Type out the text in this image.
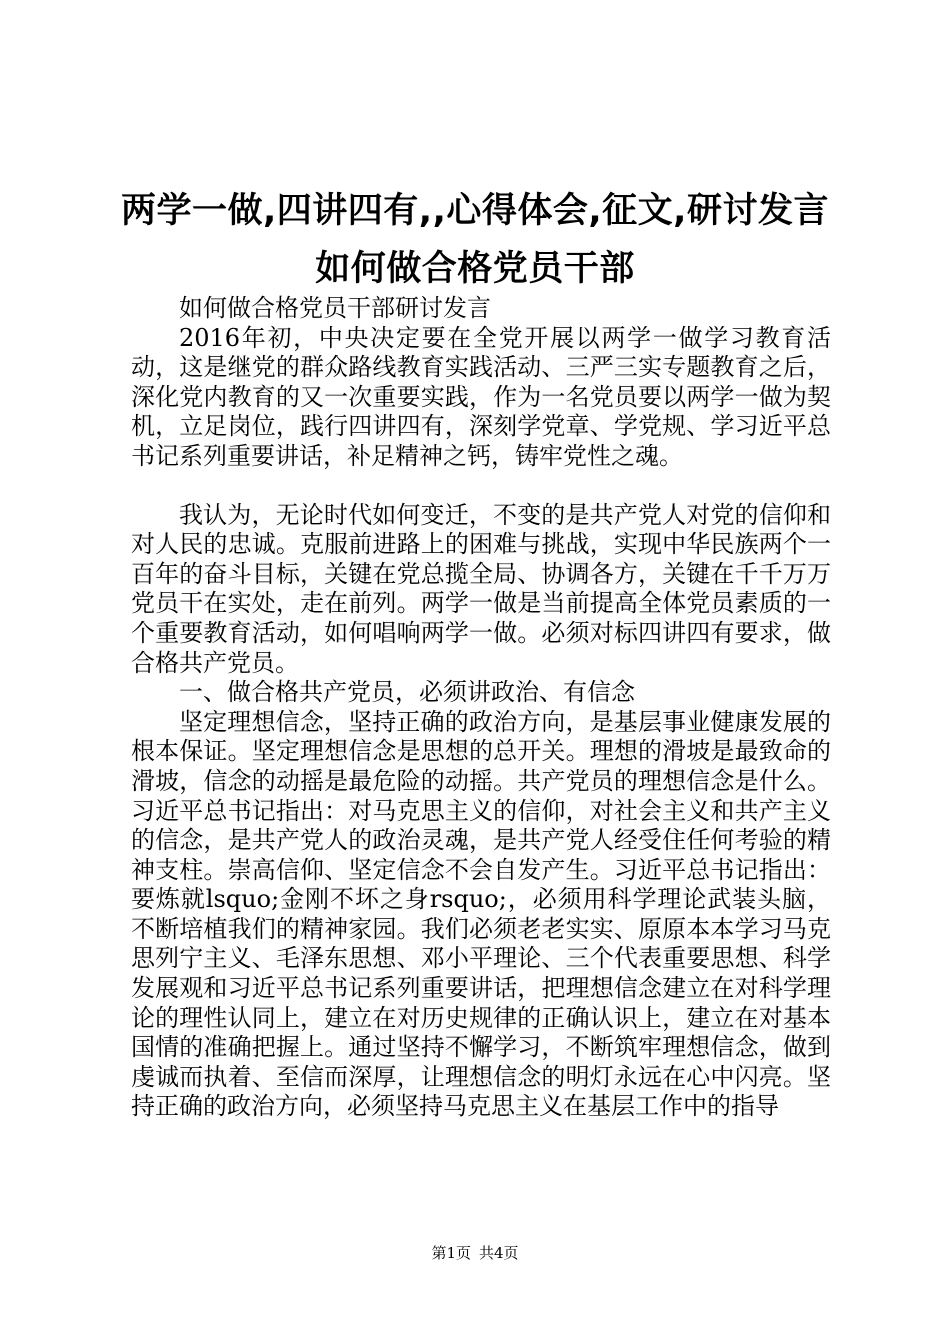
两学一做,四讲四有,,心得体会,征文,研讨发言如何做合格党员干部

如何做合格党员干部研讨发言

2016年初，中央决定要在全党开展以两学一做学习教育活动，这是继党的群众路线教育实践活动、三严三实专题教育之后，深化党内教育的又一次重要实践，作为一名党员要以两学一做为契机，立足岗位，践行四讲四有，深刻学党章、学党规、学习近平总书记系列重要讲话，补足精神之钙，铸牢党性之魂。

我认为，无论时代如何变迁，不变的是共产党人对党的信仰和对人民的忠诚。克服前进路上的困难与挑战，实现中华民族两个一百年的奋斗目标，关键在党总揽全局、协调各方，关键在千千万万党员干在实处，走在前列。两学一做是当前提高全体党员素质的一个重要教育活动，如何唱响两学一做。必须对标四讲四有要求，做合格共产党员。

一、做合格共产党员，必须讲政治、有信念

坚定理想信念，坚持正确的政治方向，是基层事业健康发展的根本保证。坚定理想信念是思想的总开关。理想的滑坡是最致命的滑坡，信念的动摇是最危险的动摇。共产党员的理想信念是什么。习近平总书记指出：对马克思主义的信仰，对社会主义和共产主义的信念，是共产党人的政治灵魂，是共产党人经受住任何考验的精神支柱。崇高信仰、坚定信念不会自发产生。习近平总书记指出：要炼就lsquo;金刚不坏之身rsquo;，必须用科学理论武装头脑，不断培植我们的精神家园。我们必须老老实实、原原本本学习马克思列宁主义、毛泽东思想、邓小平理论、三个代表重要思想、科学发展观和习近平总书记系列重要讲话，把理想信念建立在对科学理论的理性认同上，建立在对历史规律的正确认识上，建立在对基本国情的准确把握上。通过坚持不懈学习，不断筑牢理想信念，做到虔诚而执着、至信而深厚，让理想信念的明灯永远在心中闪亮。坚持正确的政治方向，必须坚持马克思主义在基层工作中的指导

第1页 共4页
